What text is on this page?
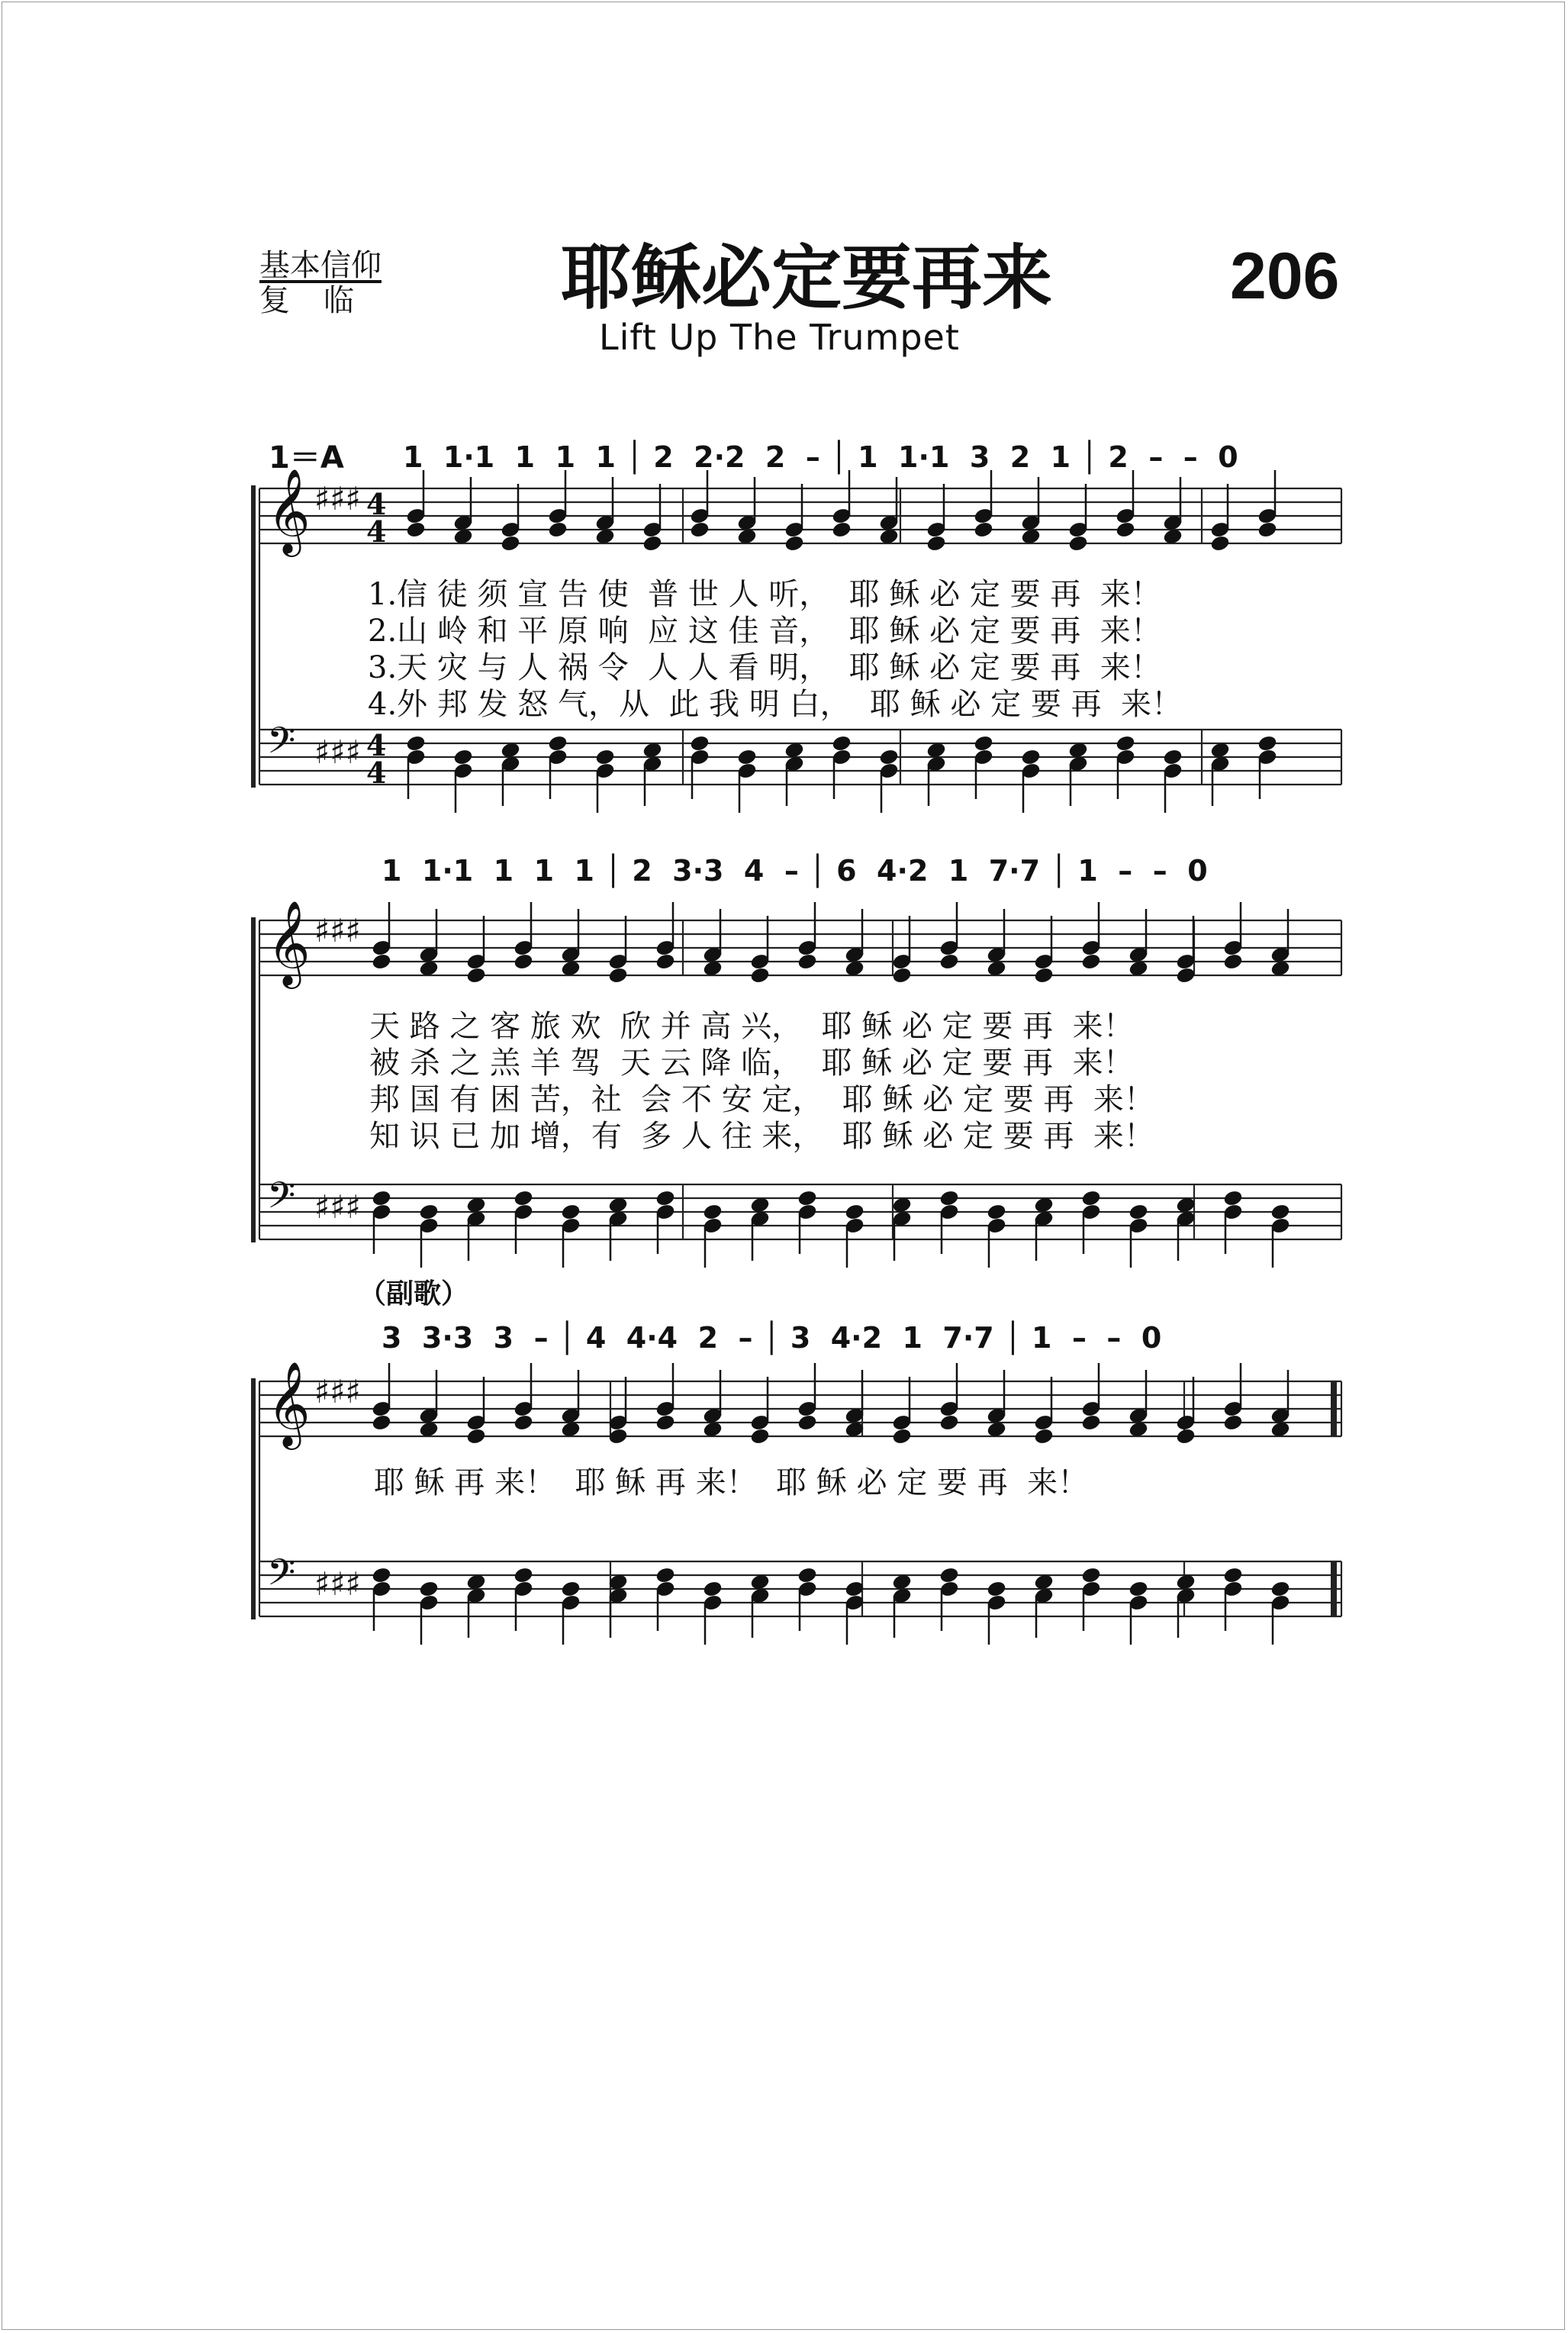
基本信仰
复临 耶稣必定要再来	206
Lift Up The Trumpet
1＝A 1  1·1  1  1  1 │ 2  2·2  2  – │ 1  1·1  3  2  1 │ 2  –  –  0
1.信 徒 须 宣 告 使  普 世 人 听，  耶 稣 必 定 要 再  来！
2.山 岭 和 平 原 响  应 这 佳 音，  耶 稣 必 定 要 再  来！
3.天 灾 与 人 祸 令  人 人 看 明，  耶 稣 必 定 要 再  来！
4.外 邦 发 怒 气，从  此 我 明 白，  耶 稣 必 定 要 再  来！
1  1·1  1  1  1 │ 2  3·3  4  – │ 6  4·2  1  7·7 │ 1  –  –  0
天 路 之 客 旅 欢  欣 并 高 兴，  耶 稣 必 定 要 再  来！
被 杀 之 羔 羊 驾  天 云 降 临，  耶 稣 必 定 要 再  来！
邦 国 有 困 苦，社  会 不 安 定，  耶 稣 必 定 要 再  来！
知 识 已 加 增，有  多 人 往 来，  耶 稣 必 定 要 再  来！
（副歌）
3  3·3  3  – │ 4  4·4  2  – │ 3  4·2  1  7·7 │ 1  –  –  0
耶 稣 再 来！  耶 稣 再 来！  耶 稣 必 定 要 再  来！
𝄞 ♯♯♯ 4
4
𝄢 ♯♯♯ 4
4
𝄞 ♯♯♯
𝄢 ♯♯♯
𝄞 ♯♯♯
𝄢 ♯♯♯
